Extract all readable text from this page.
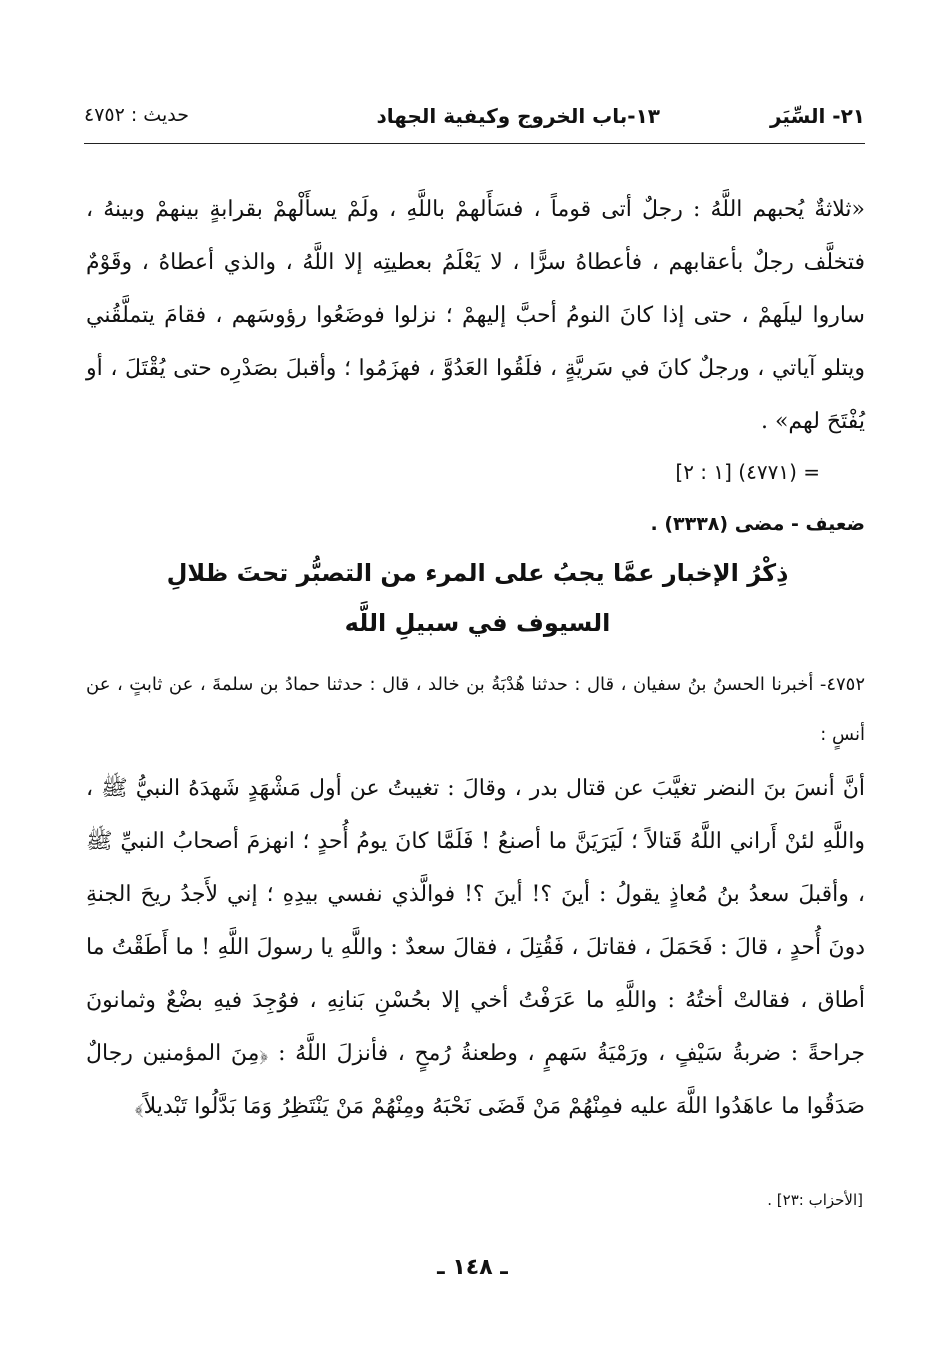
٢١- السِّيَر
١٣-باب الخروج وكيفية الجهاد
حديث : ٤٧٥٢
«ثلاثةٌ يُحبهم اللَّهُ : رجلٌ أتى قوماً ، فسَأَلهمْ باللَّهِ ، ولَمْ يسأَلْهمْ بقرابةٍ بينهمْ وبينهُ ، فتخلَّف رجلٌ بأعقابهم ، فأعطاهُ سرًّا ، لا يَعْلَمُ بعطيتِه إلا اللَّهُ ، والذي أعطاهُ ، وقَوْمٌ ساروا ليلَهمْ ، حتى إذا كانَ النومُ أحبَّ إليهمْ ؛ نزلوا فوضَعُوا رؤوسَهم ، فقامَ يتملَّقُني ويتلو آياتي ، ورجلٌ كانَ في سَريَّةٍ ، فلَقُوا العَدُوَّ ، فهزَمُوا ؛ وأقبلَ بصَدْرِه حتى يُقْتَلَ ، أو يُفْتَحَ لهم» .
= (٤٧٧١) [١ : ٢]
ضعيف - مضى (٣٣٣٨) .
ذِكْرُ الإخبار عمَّا يجبُ على المرء من التصبُّر تحتَ ظلالِ السيوف في سبيلِ اللَّه
٤٧٥٢- أخبرنا الحسنُ بنُ سفيان ، قال : حدثنا هُدْبَةُ بن خالد ، قال : حدثنا حمادُ بن سلمةَ ، عن ثابتٍ ، عن أنسٍ :
أنَّ أنسَ بنَ النضر تغيَّبَ عن قتال بدر ، وقالَ : تغيبتُ عن أول مَشْهَدٍ شَهدَهُ النبيُّ ﷺ ، واللَّهِ لئنْ أَراني اللَّهُ قَتالاً ؛ لَيَرَيَنَّ ما أصنعُ ! فَلَمَّا كانَ يومُ أُحدٍ ؛ انهزمَ أصحابُ النبيِّ ﷺ ، وأقبلَ سعدُ بنُ مُعاذٍ يقولُ : أينَ ؟! أينَ ؟! فوالَّذي نفسي بيدِهِ ؛ إني لأَجدُ ريحَ الجنةِ دونَ أُحدٍ ، قالَ : فَحَمَلَ ، فقاتلَ ، فَقُتِلَ ، فقالَ سعدٌ : واللَّهِ يا رسولَ اللَّهِ ! ما أَطَقْتُ ما أطاق ، فقالتْ أختُهُ : واللَّهِ ما عَرَفْتُ أخي إلا بحُسْنِ بَنانِهِ ، فوُجِدَ فيهِ بضْعٌ وثمانونَ جراحةً : ضربةُ سَيْفٍ ، ورَمْيَةُ سَهمٍ ، وطعنةُ رُمحٍ ، فأنزلَ اللَّهُ : ﴿مِنَ المؤمنين رجالٌ صَدَقُوا ما عاهَدُوا اللَّهَ عليه فمِنْهُمْ مَنْ قَضَى نَحْبَهُ ومِنْهُمْ مَنْ يَنْتَظِرُ وَمَا بَدَّلُوا تَبْديلاً﴾
[الأحزاب :٢٣] .
ـ ١٤٨ ـ
